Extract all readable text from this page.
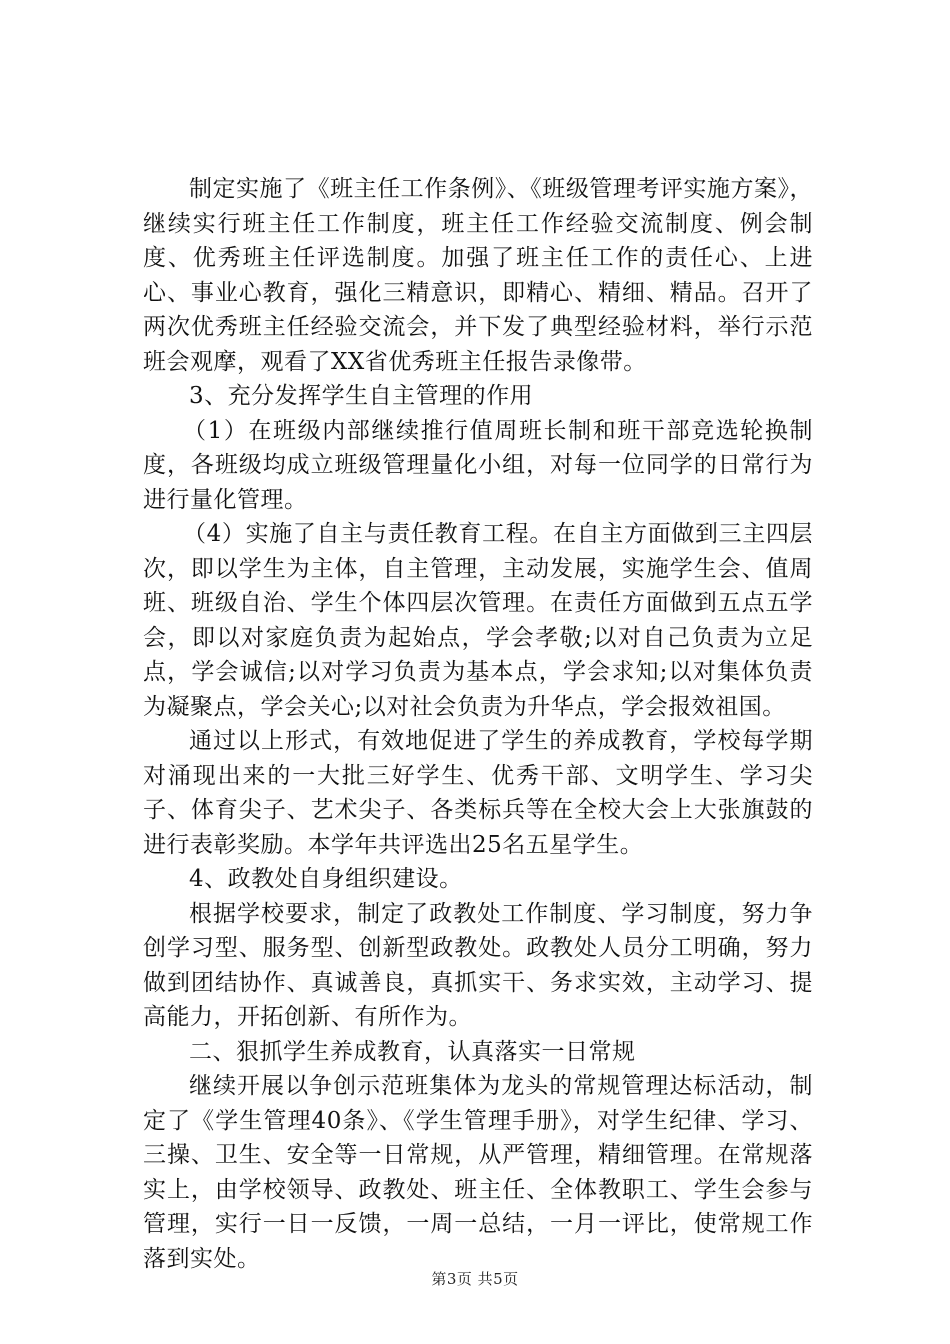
制定实施了《班主任工作条例》、《班级管理考评实施方案》，继续实行班主任工作制度，班主任工作经验交流制度、例会制度、优秀班主任评选制度。加强了班主任工作的责任心、上进心、事业心教育，强化三精意识，即精心、精细、精品。召开了两次优秀班主任经验交流会，并下发了典型经验材料，举行示范班会观摩，观看了XX省优秀班主任报告录像带。

3、充分发挥学生自主管理的作用

（1）在班级内部继续推行值周班长制和班干部竞选轮换制度，各班级均成立班级管理量化小组，对每一位同学的日常行为进行量化管理。

（4）实施了自主与责任教育工程。在自主方面做到三主四层次，即以学生为主体，自主管理，主动发展，实施学生会、值周班、班级自治、学生个体四层次管理。在责任方面做到五点五学会，即以对家庭负责为起始点，学会孝敬;以对自己负责为立足点，学会诚信;以对学习负责为基本点，学会求知;以对集体负责为凝聚点，学会关心;以对社会负责为升华点，学会报效祖国。

通过以上形式，有效地促进了学生的养成教育，学校每学期对涌现出来的一大批三好学生、优秀干部、文明学生、学习尖子、体育尖子、艺术尖子、各类标兵等在全校大会上大张旗鼓的进行表彰奖励。本学年共评选出25名五星学生。

4、政教处自身组织建设。

根据学校要求，制定了政教处工作制度、学习制度，努力争创学习型、服务型、创新型政教处。政教处人员分工明确，努力做到团结协作、真诚善良，真抓实干、务求实效，主动学习、提高能力，开拓创新、有所作为。

二、狠抓学生养成教育，认真落实一日常规

继续开展以争创示范班集体为龙头的常规管理达标活动，制定了《学生管理40条》、《学生管理手册》，对学生纪律、学习、三操、卫生、安全等一日常规，从严管理，精细管理。在常规落实上，由学校领导、政教处、班主任、全体教职工、学生会参与管理，实行一日一反馈，一周一总结，一月一评比，使常规工作落到实处。

第3页 共5页
